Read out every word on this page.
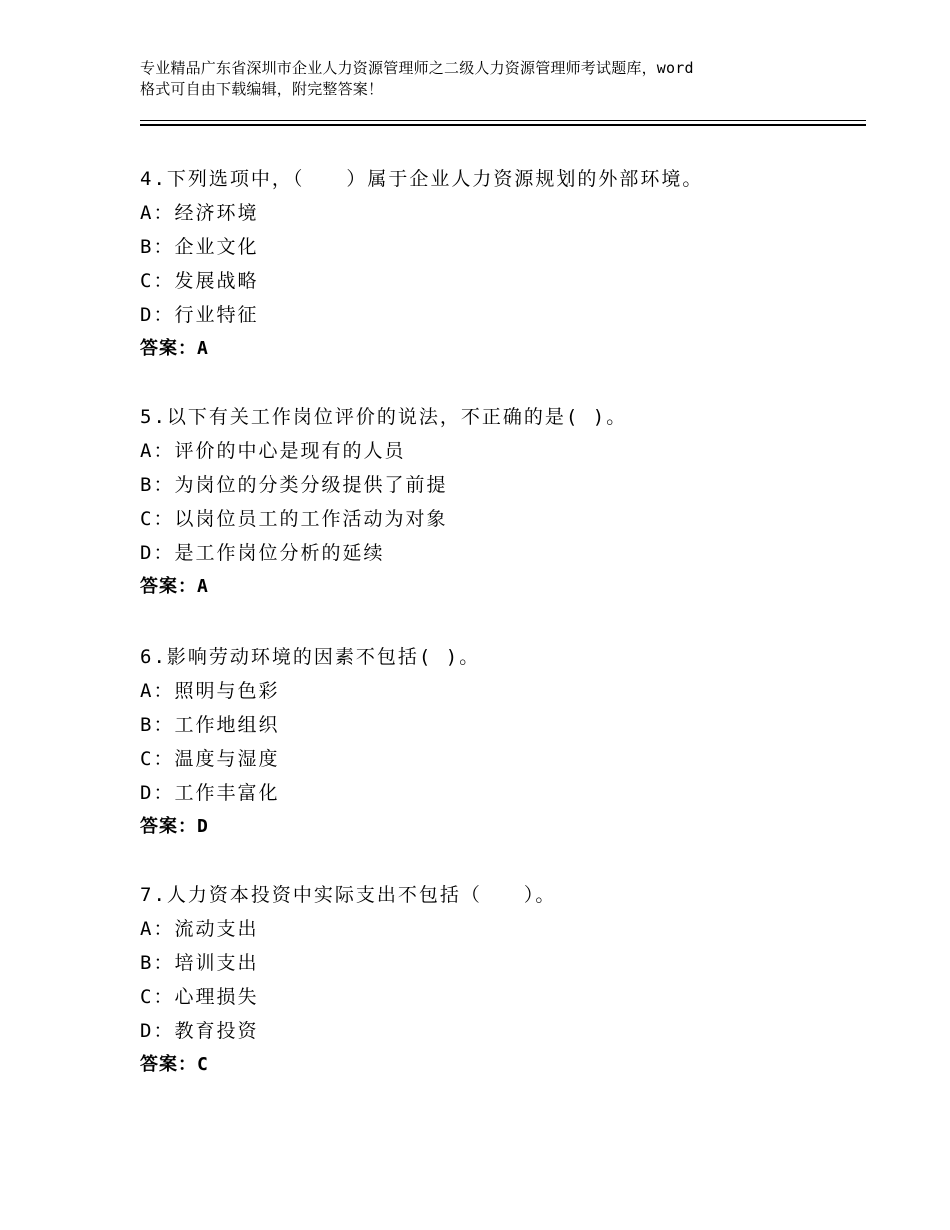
专业精品广东省深圳市企业人力资源管理师之二级人力资源管理师考试题库，word
格式可自由下载编辑，附完整答案！
4.下列选项中，（　　）属于企业人力资源规划的外部环境。
A：经济环境
B：企业文化
C：发展战略
D：行业特征
答案：A
5.以下有关工作岗位评价的说法，不正确的是( )。
A：评价的中心是现有的人员
B：为岗位的分类分级提供了前提
C：以岗位员工的工作活动为对象
D：是工作岗位分析的延续
答案：A
6.影响劳动环境的因素不包括( )。
A：照明与色彩
B：工作地组织
C：温度与湿度
D：工作丰富化
答案：D
7.人力资本投资中实际支出不包括（　　）。
A：流动支出
B：培训支出
C：心理损失
D：教育投资
答案：C
